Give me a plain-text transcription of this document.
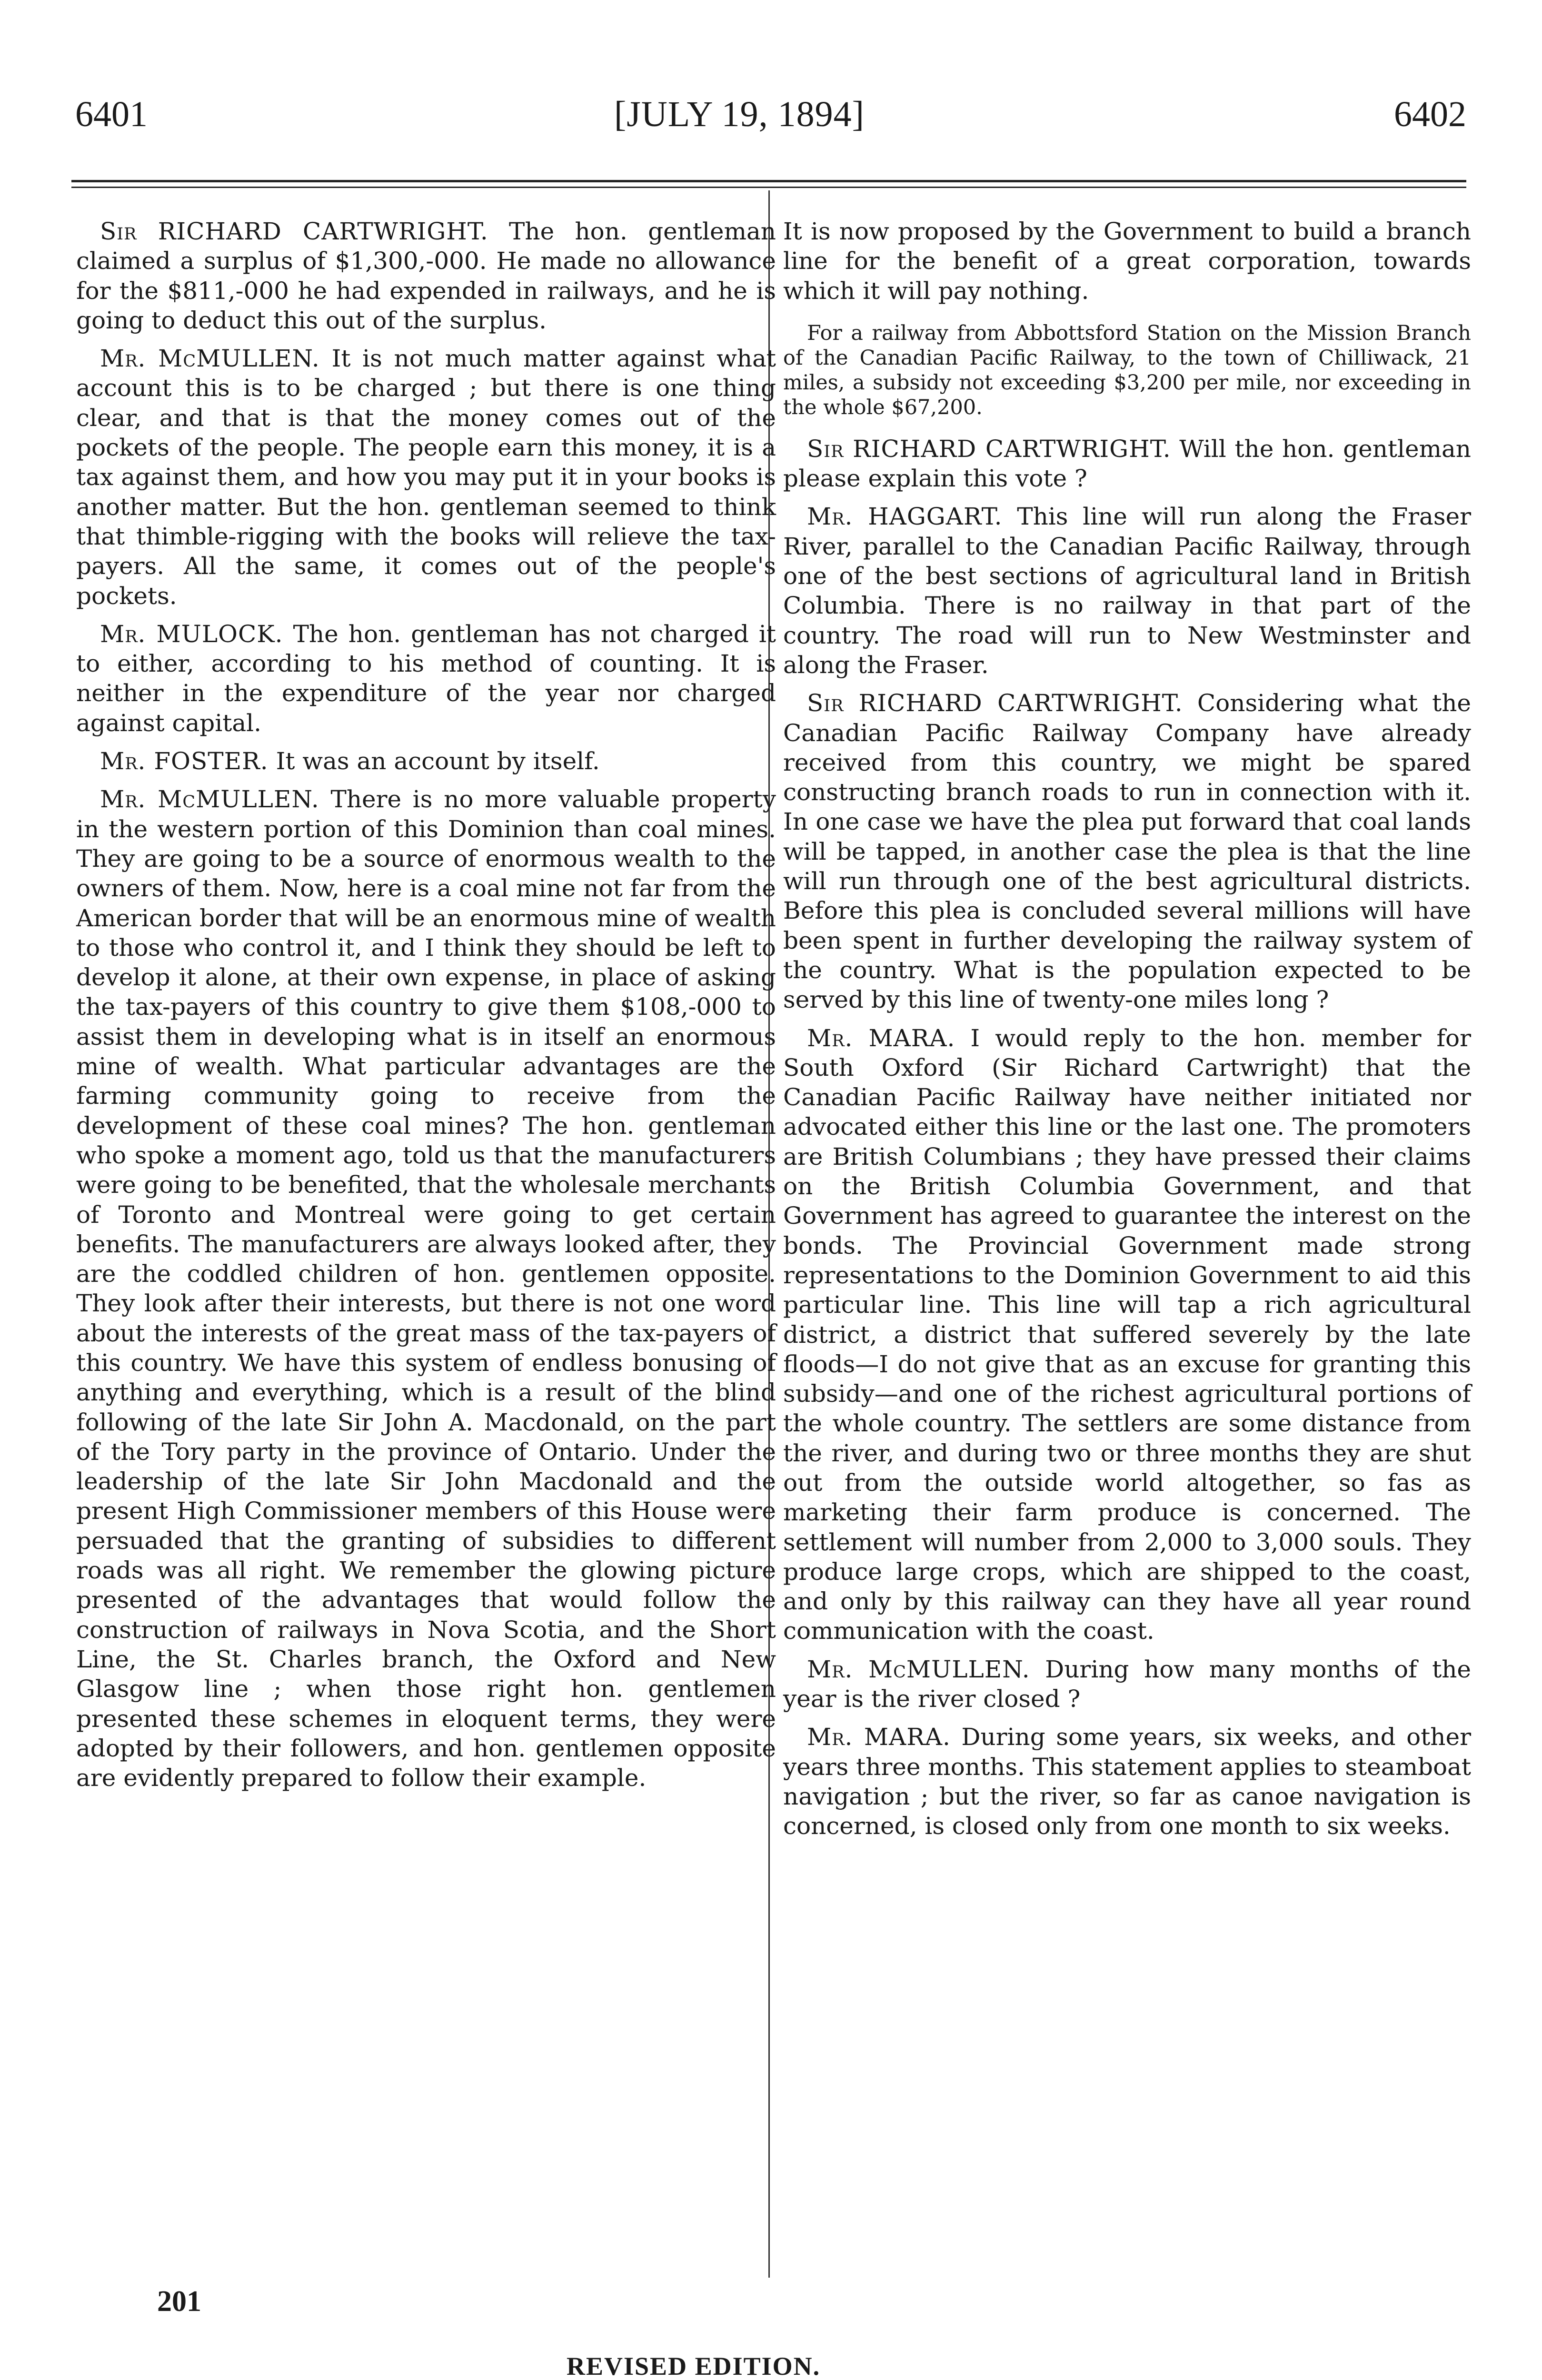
6401	[JULY 19, 1894]	6402

Sir RICHARD CARTWRIGHT. The hon. gentleman claimed a surplus of $1,300,-000. He made no allowance for the $811,-000 he had expended in railways, and he is going to deduct this out of the surplus.

Mr. McMULLEN. It is not much matter against what account this is to be charged ; but there is one thing clear, and that is that the money comes out of the pockets of the people. The people earn this money, it is a tax against them, and how you may put it in your books is another matter. But the hon. gentleman seemed to think that thimble-rigging with the books will relieve the tax-payers. All the same, it comes out of the people's pockets.

Mr. MULOCK. The hon. gentleman has not charged it to either, according to his method of counting. It is neither in the expenditure of the year nor charged against capital.

Mr. FOSTER. It was an account by itself.

Mr. McMULLEN. There is no more valuable property in the western portion of this Dominion than coal mines. They are going to be a source of enormous wealth to the owners of them. Now, here is a coal mine not far from the American border that will be an enormous mine of wealth to those who control it, and I think they should be left to develop it alone, at their own expense, in place of asking the tax-payers of this country to give them $108,-000 to assist them in developing what is in itself an enormous mine of wealth. What particular advantages are the farming community going to receive from the development of these coal mines? The hon. gentleman who spoke a moment ago, told us that the manufacturers were going to be benefited, that the wholesale merchants of Toronto and Montreal were going to get certain benefits. The manufacturers are always looked after, they are the coddled children of hon. gentlemen opposite. They look after their interests, but there is not one word about the interests of the great mass of the tax-payers of this country. We have this system of endless bonusing of anything and everything, which is a result of the blind following of the late Sir John A. Macdonald, on the part of the Tory party in the province of Ontario. Under the leadership of the late Sir John Macdonald and the present High Commissioner members of this House were persuaded that the granting of subsidies to different roads was all right. We remember the glowing picture presented of the advantages that would follow the construction of railways in Nova Scotia, and the Short Line, the St. Charles branch, the Oxford and New Glasgow line ; when those right hon. gentlemen presented these schemes in eloquent terms, they were adopted by their followers, and hon. gentlemen opposite are evidently prepared to follow their example.

It is now proposed by the Government to build a branch line for the benefit of a great corporation, towards which it will pay nothing.

For a railway from Abbottsford Station on the Mission Branch of the Canadian Pacific Railway, to the town of Chilliwack, 21 miles, a subsidy not exceeding $3,200 per mile, nor exceeding in the whole $67,200.

Sir RICHARD CARTWRIGHT. Will the hon. gentleman please explain this vote ?

Mr. HAGGART. This line will run along the Fraser River, parallel to the Canadian Pacific Railway, through one of the best sections of agricultural land in British Columbia. There is no railway in that part of the country. The road will run to New Westminster and along the Fraser.

Sir RICHARD CARTWRIGHT. Considering what the Canadian Pacific Railway Company have already received from this country, we might be spared constructing branch roads to run in connection with it. In one case we have the plea put forward that coal lands will be tapped, in another case the plea is that the line will run through one of the best agricultural districts. Before this plea is concluded several millions will have been spent in further developing the railway system of the country. What is the population expected to be served by this line of twenty-one miles long ?

Mr. MARA. I would reply to the hon. member for South Oxford (Sir Richard Cartwright) that the Canadian Pacific Railway have neither initiated nor advocated either this line or the last one. The promoters are British Columbians ; they have pressed their claims on the British Columbia Government, and that Government has agreed to guarantee the interest on the bonds. The Provincial Government made strong representations to the Dominion Government to aid this particular line. This line will tap a rich agricultural district, a district that suffered severely by the late floods—I do not give that as an excuse for granting this subsidy—and one of the richest agricultural portions of the whole country. The settlers are some distance from the river, and during two or three months they are shut out from the outside world altogether, so fas as marketing their farm produce is concerned. The settlement will number from 2,000 to 3,000 souls. They produce large crops, which are shipped to the coast, and only by this railway can they have all year round communication with the coast.

Mr. McMULLEN. During how many months of the year is the river closed ?

Mr. MARA. During some years, six weeks, and other years three months. This statement applies to steamboat navigation ; but the river, so far as canoe navigation is concerned, is closed only from one month to six weeks.

201
REVISED EDITION.
